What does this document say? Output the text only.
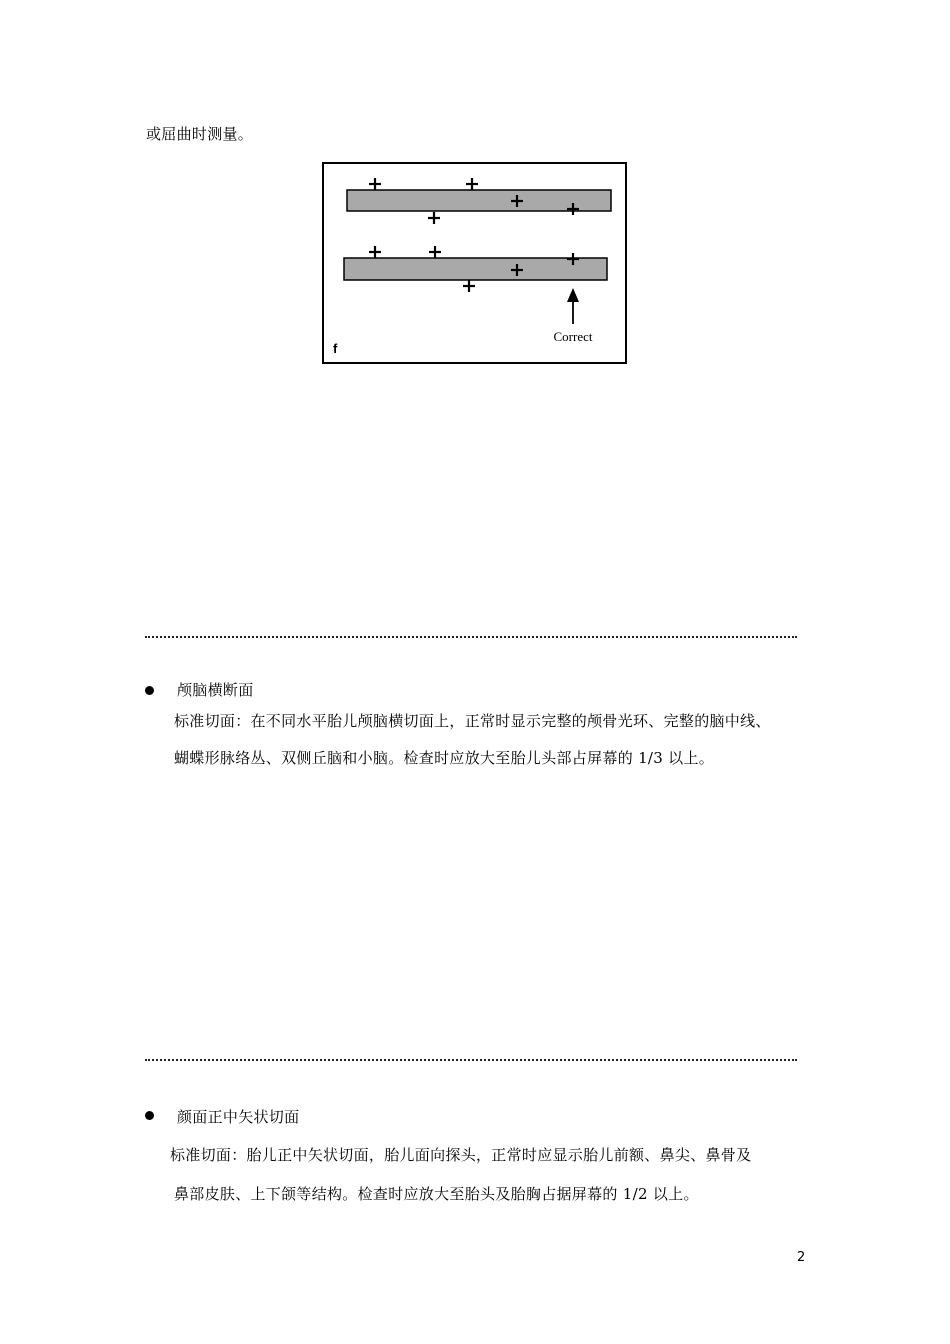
或屈曲时测量。
Correct
f
颅脑横断面
标准切面：在不同水平胎儿颅脑横切面上，正常时显示完整的颅骨光环、完整的脑中线、
蝴蝶形脉络丛、双侧丘脑和小脑。检查时应放大至胎儿头部占屏幕的 1/3 以上。
颜面正中矢状切面
标准切面：胎儿正中矢状切面，胎儿面向探头，正常时应显示胎儿前额、鼻尖、鼻骨及
鼻部皮肤、上下颌等结构。检查时应放大至胎头及胎胸占据屏幕的 1/2 以上。
2
